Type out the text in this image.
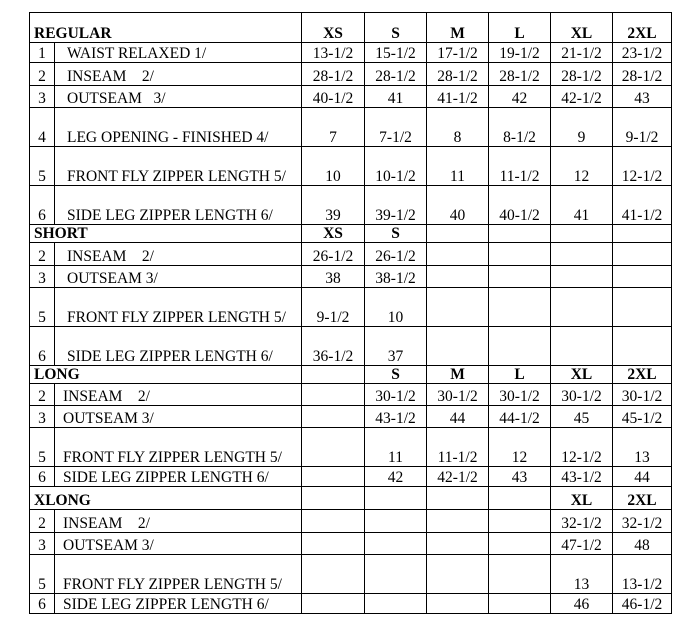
REGULAR		XS	S	M	L	XL	2XL
1	WAIST RELAXED 1/	13-1/2	15-1/2	17-1/2	19-1/2	21-1/2	23-1/2
2	INSEAM    2/	28-1/2	28-1/2	28-1/2	28-1/2	28-1/2	28-1/2
3	OUTSEAM   3/	40-1/2	41	41-1/2	42	42-1/2	43
4	LEG OPENING - FINISHED 4/	7	7-1/2	8	8-1/2	9	9-1/2
5	FRONT FLY ZIPPER LENGTH 5/	10	10-1/2	11	11-1/2	12	12-1/2
6	SIDE LEG ZIPPER LENGTH 6/	39	39-1/2	40	40-1/2	41	41-1/2
SHORT		XS	S				
2	INSEAM    2/	26-1/2	26-1/2				
3	OUTSEAM 3/	38	38-1/2				
5	FRONT FLY ZIPPER LENGTH 5/	9-1/2	10				
6	SIDE LEG ZIPPER LENGTH 6/	36-1/2	37				
LONG			S	M	L	XL	2XL
2	INSEAM    2/		30-1/2	30-1/2	30-1/2	30-1/2	30-1/2
3	OUTSEAM 3/		43-1/2	44	44-1/2	45	45-1/2
5	FRONT FLY ZIPPER LENGTH 5/		11	11-1/2	12	12-1/2	13
6	SIDE LEG ZIPPER LENGTH 6/		42	42-1/2	43	43-1/2	44
XLONG						XL	2XL
2	INSEAM    2/					32-1/2	32-1/2
3	OUTSEAM 3/					47-1/2	48
5	FRONT FLY ZIPPER LENGTH 5/					13	13-1/2
6	SIDE LEG ZIPPER LENGTH 6/					46	46-1/2
